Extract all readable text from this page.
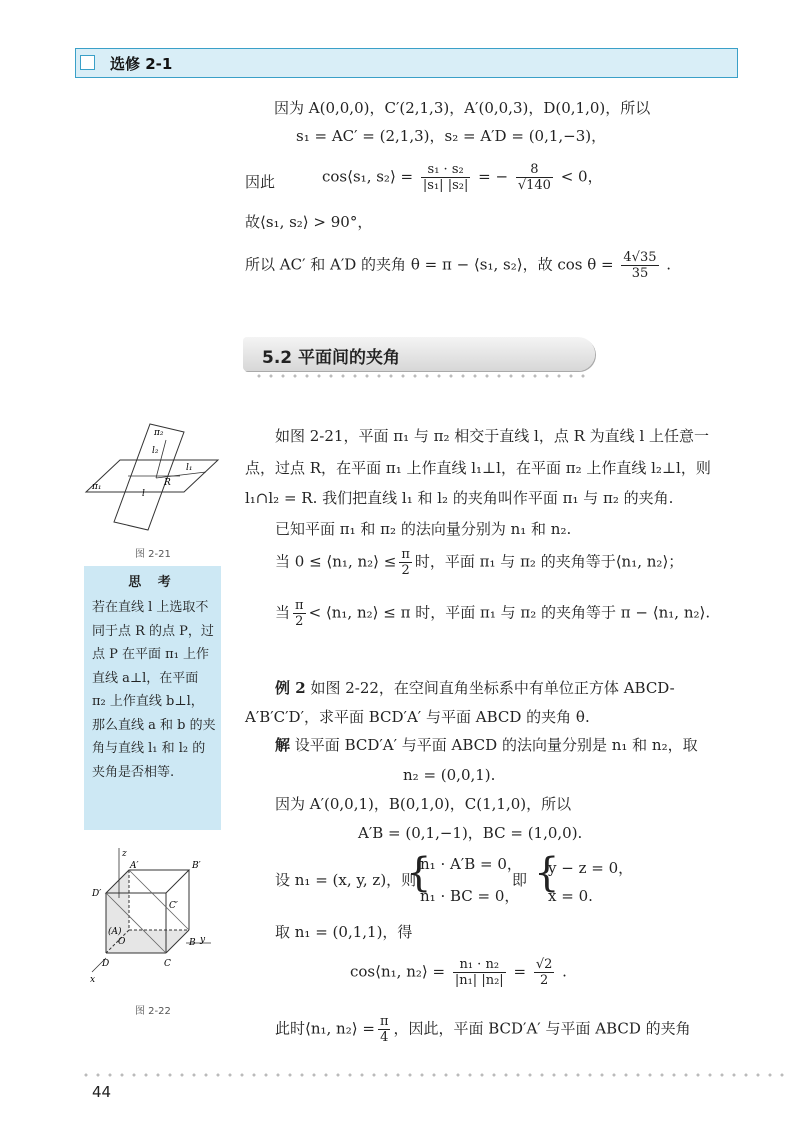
选修 2-1
因为 A(0,0,0)，C′(2,1,3)，A′(0,0,3)，D(0,1,0)，所以
s₁ = AC′ = (2,1,3)，s₂ = A′D = (0,1,−3)，
因此	cos⟨s₁, s₂⟩ = $\frac{\text{s₁ · s₂}}{\text{|s₁| |s₂|}}$ = − $\frac{8}{√140} < 0$，
故⟨s₁, s₂⟩ > 90°，
所以 AC′ 和 A′D 的夹角 θ = π − ⟨s₁, s₂⟩，故 $\cos \theta = \frac{4√35}{35}$ .
5.2 平面间的夹角
π₂
l₂
l₁
R
π₁
l
图 2-21
思 考
若在直线 l 上选取不同于点 R 的点 P，过点 P 在平面 π₁ 上作直线 a⊥l，在平面 π₂ 上作直线 b⊥l，那么直线 a 和 b 的夹角与直线 l₁ 和 l₂ 的夹角是否相等.
z
A′	B′
D′
C′
(A)
O	B y
D	C
x
图 2-22
如图 2-21，平面 π₁ 与 π₂ 相交于直线 l，点 R 为直线 l 上任意一
点，过点 R，在平面 π₁ 上作直线 l₁⊥l，在平面 π₂ 上作直线 l₂⊥l，则
l₁∩l₂ = R. 我们把直线 l₁ 和 l₂ 的夹角叫作平面 π₁ 与 π₂ 的夹角.
已知平面 π₁ 和 π₂ 的法向量分别为 n₁ 和 n₂.
当 0 ≤ ⟨n₁, n₂⟩ ≤ $\frac{\pi}{2}$ 时，平面 π₁ 与 π₂ 的夹角等于⟨n₁, n₂⟩；
当 $\frac{\pi}{2}$ < ⟨n₁, n₂⟩ ≤ π 时，平面 π₁ 与 π₂ 的夹角等于 π − ⟨n₁, n₂⟩.
例 2 如图 2-22，在空间直角坐标系中有单位正方体 ABCD-
A′B′C′D′，求平面 BCD′A′ 与平面 ABCD 的夹角 θ.
解 设平面 BCD′A′ 与平面 ABCD 的法向量分别是 n₁ 和 n₂，取
n₂ = (0,0,1).
因为 A′(0,0,1)，B(0,1,0)，C(1,1,0)，所以
A′B = (0,1,−1)，BC = (1,0,0).
设 n₁ = (x, y, z)，则
{
n₁ · A′B = 0，
n₁ · BC = 0，
即 {
y − z = 0，
x = 0.
取 n₁ = (0,1,1)，得
cos⟨n₁, n₂⟩ = $\frac{\text{n₁ · n₂}}{\text{|n₁| |n₂|}} = \frac{√2}{2}$ .
此时⟨n₁, n₂⟩ = $\frac{\pi}{4}$ ，因此，平面 BCD′A′ 与平面 ABCD 的夹角
44
